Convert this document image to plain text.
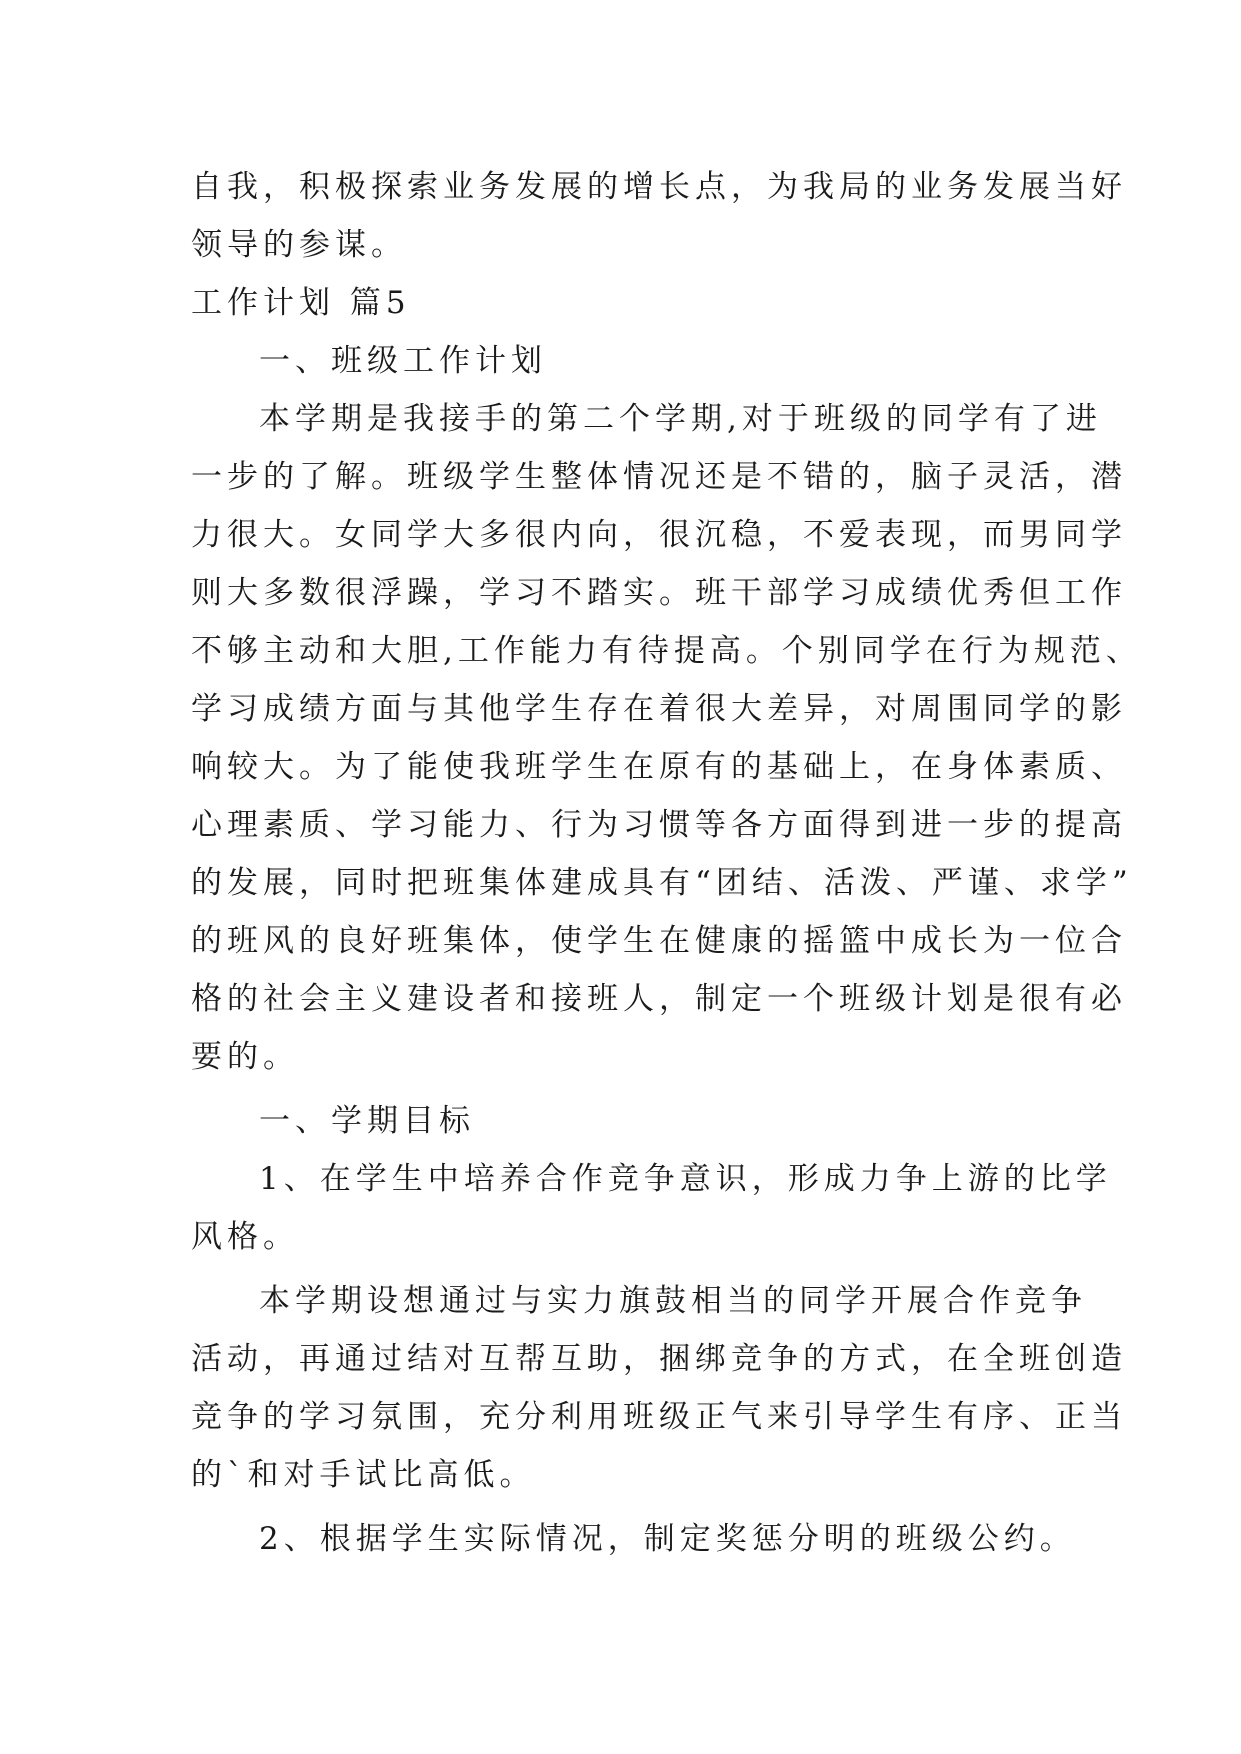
自我，积极探索业务发展的增长点，为我局的业务发展当好

领导的参谋。

工作计划 篇5

一、班级工作计划

本学期是我接手的第二个学期,对于班级的同学有了进

一步的了解。班级学生整体情况还是不错的，脑子灵活，潜

力很大。女同学大多很内向，很沉稳，不爱表现，而男同学

则大多数很浮躁，学习不踏实。班干部学习成绩优秀但工作

不够主动和大胆,工作能力有待提高。个别同学在行为规范、

学习成绩方面与其他学生存在着很大差异，对周围同学的影

响较大。为了能使我班学生在原有的基础上，在身体素质、

心理素质、学习能力、行为习惯等各方面得到进一步的提高

的发展，同时把班集体建成具有“团结、活泼、严谨、求学”

的班风的良好班集体，使学生在健康的摇篮中成长为一位合

格的社会主义建设者和接班人，制定一个班级计划是很有必

要的。

一、学期目标

1、在学生中培养合作竞争意识，形成力争上游的比学

风格。

本学期设想通过与实力旗鼓相当的同学开展合作竞争

活动，再通过结对互帮互助，捆绑竞争的方式，在全班创造

竞争的学习氛围，充分利用班级正气来引导学生有序、正当

的`和对手试比高低。

2、根据学生实际情况，制定奖惩分明的班级公约。
